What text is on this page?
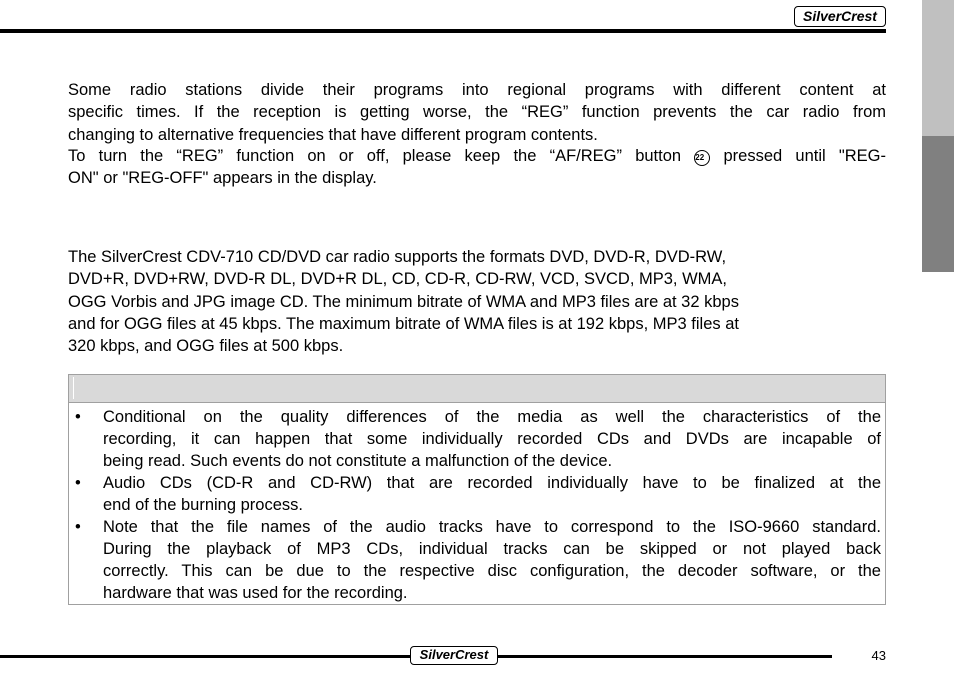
SilverCrest
Some radio stations divide their programs into regional programs with different content at
specific times. If the reception is getting worse, the “REG” function prevents the car radio from
changing to alternative frequencies that have different program contents.
To turn the “REG” function on or off, please keep the “AF/REG” button 22 pressed until "REG-
ON" or "REG-OFF" appears in the display.
The SilverCrest CDV-710 CD/DVD car radio supports the formats DVD, DVD-R, DVD-RW,
DVD+R, DVD+RW, DVD-R DL, DVD+R DL, CD, CD-R, CD-RW, VCD, SVCD, MP3, WMA,
OGG Vorbis and JPG image CD. The minimum bitrate of WMA and MP3 files are at 32 kbps
and for OGG files at 45 kbps. The maximum bitrate of WMA files is at 192 kbps, MP3 files at
320 kbps, and OGG files at 500 kbps.
• Conditional on the quality differences of the media as well the characteristics of the
recording, it can happen that some individually recorded CDs and DVDs are incapable of
being read. Such events do not constitute a malfunction of the device.
• Audio CDs (CD-R and CD-RW) that are recorded individually have to be finalized at the
end of the burning process.
• Note that the file names of the audio tracks have to correspond to the ISO-9660 standard.
During the playback of MP3 CDs, individual tracks can be skipped or not played back
correctly. This can be due to the respective disc configuration, the decoder software, or the
hardware that was used for the recording.
SilverCrest	43
